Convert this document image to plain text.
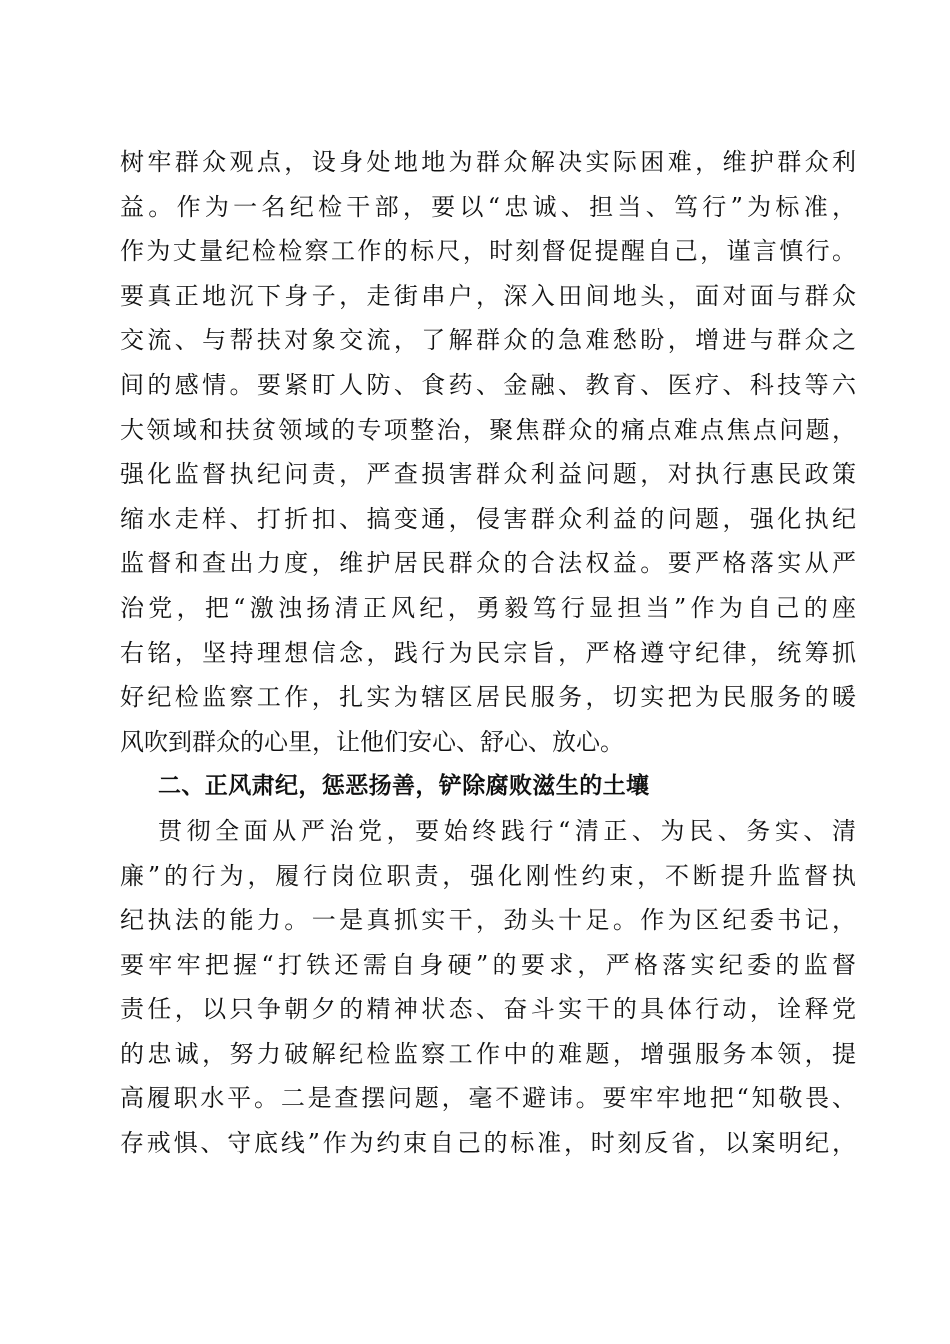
树牢群众观点，设身处地地为群众解决实际困难，维护群众利
益。作为一名纪检干部，要以“忠诚、担当、笃行”为标准，
作为丈量纪检检察工作的标尺，时刻督促提醒自己，谨言慎行。
要真正地沉下身子，走街串户，深入田间地头，面对面与群众
交流、与帮扶对象交流，了解群众的急难愁盼，增进与群众之
间的感情。要紧盯人防、食药、金融、教育、医疗、科技等六
大领域和扶贫领域的专项整治，聚焦群众的痛点难点焦点问题，
强化监督执纪问责，严查损害群众利益问题，对执行惠民政策
缩水走样、打折扣、搞变通，侵害群众利益的问题，强化执纪
监督和查出力度，维护居民群众的合法权益。要严格落实从严
治党，把“激浊扬清正风纪，勇毅笃行显担当”作为自己的座
右铭，坚持理想信念，践行为民宗旨，严格遵守纪律，统筹抓
好纪检监察工作，扎实为辖区居民服务，切实把为民服务的暖
风吹到群众的心里，让他们安心、舒心、放心。
二、正风肃纪，惩恶扬善，铲除腐败滋生的土壤
贯彻全面从严治党，要始终践行“清正、为民、务实、清
廉”的行为，履行岗位职责，强化刚性约束，不断提升监督执
纪执法的能力。一是真抓实干，劲头十足。作为区纪委书记，
要牢牢把握“打铁还需自身硬”的要求，严格落实纪委的监督
责任，以只争朝夕的精神状态、奋斗实干的具体行动，诠释党
的忠诚，努力破解纪检监察工作中的难题，增强服务本领，提
高履职水平。二是查摆问题，毫不避讳。要牢牢地把“知敬畏、
存戒惧、守底线”作为约束自己的标准，时刻反省，以案明纪，
